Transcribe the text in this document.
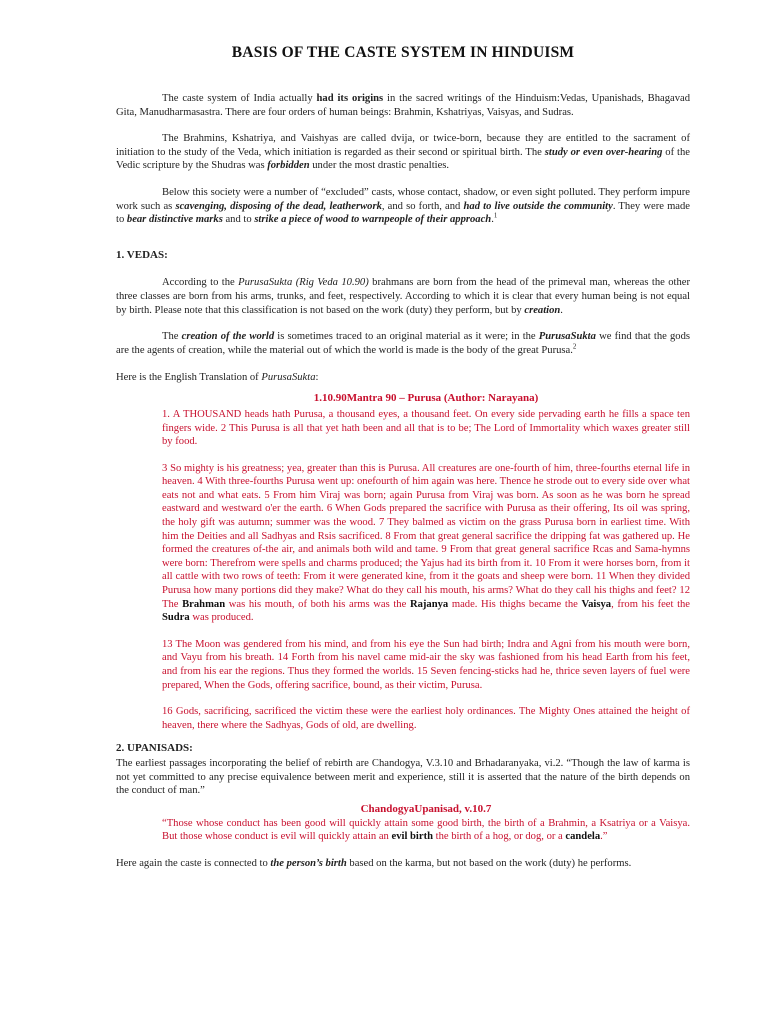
BASIS OF THE CASTE SYSTEM IN HINDUISM

The caste system of India actually had its origins in the sacred writings of the Hinduism:Vedas, Upanishads, Bhagavad Gita, Manudharmasastra. There are four orders of human beings: Brahmin, Kshatriyas, Vaisyas, and Sudras.

The Brahmins, Kshatriya, and Vaishyas are called dvija, or twice-born, because they are entitled to the sacrament of initiation to the study of the Veda, which initiation is regarded as their second or spiritual birth. The study or even over-hearing of the Vedic scripture by the Shudras was forbidden under the most drastic penalties.

Below this society were a number of “excluded” casts, whose contact, shadow, or even sight polluted. They perform impure work such as scavenging, disposing of the dead, leatherwork, and so forth, and had to live outside the community. They were made to bear distinctive marks and to strike a piece of wood to warnpeople of their approach.$^1$

1. VEDAS:

According to the PurusaSukta (Rig Veda 10.90) brahmans are born from the head of the primeval man, whereas the other three classes are born from his arms, trunks, and feet, respectively. According to which it is clear that every human being is not equal by birth. Please note that this classification is not based on the work (duty) they perform, but by creation.

The creation of the world is sometimes traced to an original material as it were; in the PurusaSukta we find that the gods are the agents of creation, while the material out of which the world is made is the body of the great Purusa.$^2$

Here is the English Translation of PurusaSukta:

1.10.90Mantra 90 – Purusa (Author: Narayana)

1. A THOUSAND heads hath Purusa, a thousand eyes, a thousand feet. On every side pervading earth he fills a space ten fingers wide. 2 This Purusa is all that yet hath been and all that is to be; The Lord of Immortality which waxes greater still by food.

3 So mighty is his greatness; yea, greater than this is Purusa. All creatures are one-fourth of him, three-fourths eternal life in heaven. 4 With three-fourths Purusa went up: onefourth of him again was here. Thence he strode out to every side over what eats not and what eats. 5 From him Viraj was born; again Purusa from Viraj was born. As soon as he was born he spread eastward and westward o'er the earth. 6 When Gods prepared the sacrifice with Purusa as their offering, Its oil was spring, the holy gift was autumn; summer was the wood. 7 They balmed as victim on the grass Purusa born in earliest time. With him the Deities and all Sadhyas and Rsis sacrificed. 8 From that great general sacrifice the dripping fat was gathered up. He formed the creatures of-the air, and animals both wild and tame. 9 From that great general sacrifice Rcas and Sama-hymns were born: Therefrom were spells and charms produced; the Yajus had its birth from it. 10 From it were horses born, from it all cattle with two rows of teeth: From it were generated kine, from it the goats and sheep were born. 11 When they divided Purusa how many portions did they make? What do they call his mouth, his arms? What do they call his thighs and feet? 12 The Brahman was his mouth, of both his arms was the Rajanya made. His thighs became the Vaisya, from his feet the Sudra was produced.

13 The Moon was gendered from his mind, and from his eye the Sun had birth; Indra and Agni from his mouth were born, and Vayu from his breath. 14 Forth from his navel came mid-air the sky was fashioned from his head Earth from his feet, and from his ear the regions. Thus they formed the worlds. 15 Seven fencing-sticks had he, thrice seven layers of fuel were prepared, When the Gods, offering sacrifice, bound, as their victim, Purusa.

16 Gods, sacrificing, sacrificed the victim these were the earliest holy ordinances. The Mighty Ones attained the height of heaven, there where the Sadhyas, Gods of old, are dwelling.

2. UPANISADS:

The earliest passages incorporating the belief of rebirth are Chandogya, V.3.10 and Brhadaranyaka, vi.2. “Though the law of karma is not yet committed to any precise equivalence between merit and experience, still it is asserted that the nature of the birth depends on the conduct of man.”

ChandogyaUpanisad, v.10.7

“Those whose conduct has been good will quickly attain some good birth, the birth of a Brahmin, a Ksatriya or a Vaisya. But those whose conduct is evil will quickly attain an evil birth the birth of a hog, or dog, or a candela.”

Here again the caste is connected to the person’s birth based on the karma, but not based on the work (duty) he performs.
